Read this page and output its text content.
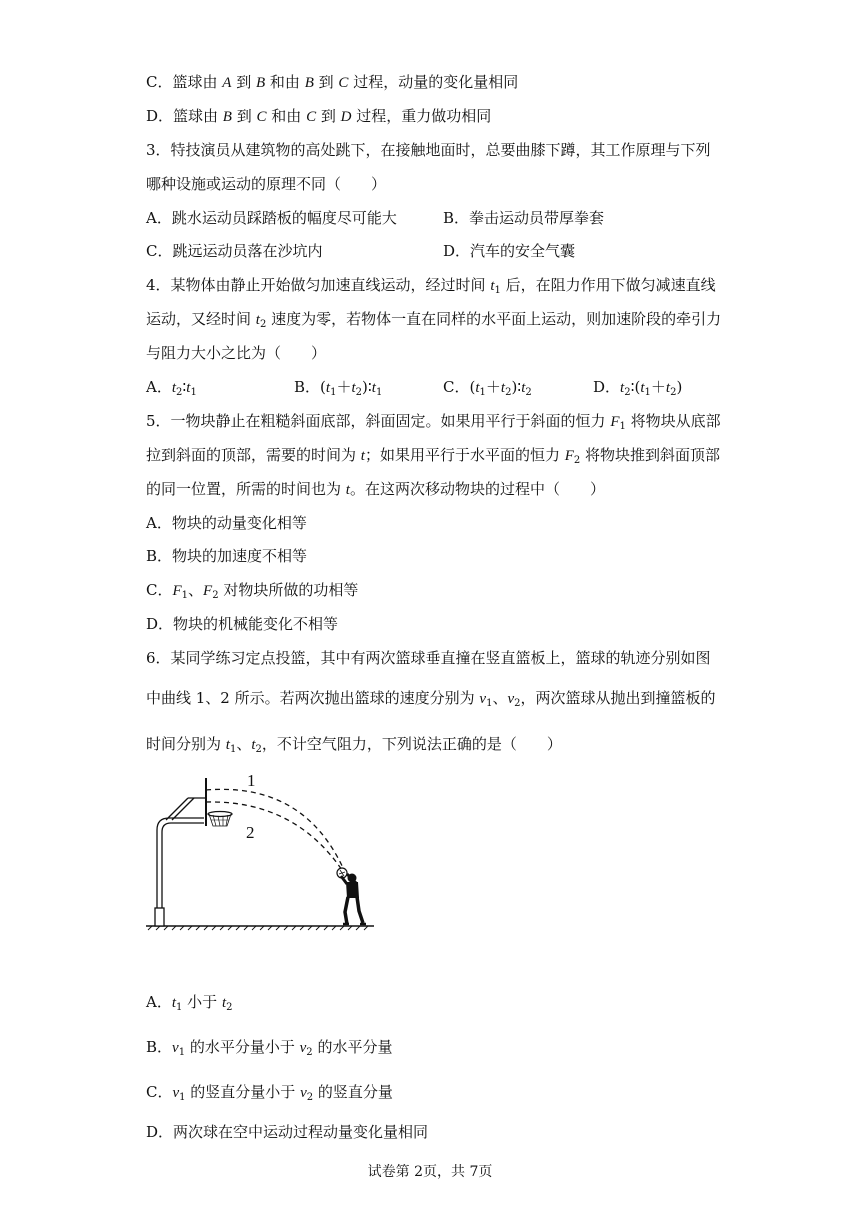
C．篮球由 A 到 B 和由 B 到 C 过程，动量的变化量相同
D．篮球由 B 到 C 和由 C 到 D 过程，重力做功相同
3．特技演员从建筑物的高处跳下，在接触地面时，总要曲膝下蹲，其工作原理与下列
哪种设施或运动的原理不同（　　）
A．跳水运动员踩踏板的幅度尽可能大	B．拳击运动员带厚拳套
C．跳远运动员落在沙坑内	D．汽车的安全气囊
4．某物体由静止开始做匀加速直线运动，经过时间 $t_1$ 后，在阻力作用下做匀减速直线
运动，又经时间 $t_2$ 速度为零，若物体一直在同样的水平面上运动，则加速阶段的牵引力
与阻力大小之比为（　　）
A．$t_2∶t_1$	B．$(t_1+t_2)∶t_1$	C．$(t_1+t_2)∶t_2$	D．$t_2∶(t_1+t_2)$
5．一物块静止在粗糙斜面底部，斜面固定。如果用平行于斜面的恒力 $F_1$ 将物块从底部
拉到斜面的顶部，需要的时间为 t；如果用平行于水平面的恒力 $F_2$ 将物块推到斜面顶部
的同一位置，所需的时间也为 t。在这两次移动物块的过程中（　　）
A．物块的动量变化相等
B．物块的加速度不相等
C．$F_1$、$F_2$ 对物块所做的功相等
D．物块的机械能变化不相等
6．某同学练习定点投篮，其中有两次篮球垂直撞在竖直篮板上，篮球的轨迹分别如图
中曲线 1、2 所示。若两次抛出篮球的速度分别为 $v_1$、$v_2$，两次篮球从抛出到撞篮板的
时间分别为 $t_1$、$t_2$，不计空气阻力，下列说法正确的是（　　）
1
2
A．$t_1$ 小于 $t_2$
B．$v_1$ 的水平分量小于 $v_2$ 的水平分量
C．$v_1$ 的竖直分量小于 $v_2$ 的竖直分量
D．两次球在空中运动过程动量变化量相同
试卷第 2页，共 7页
